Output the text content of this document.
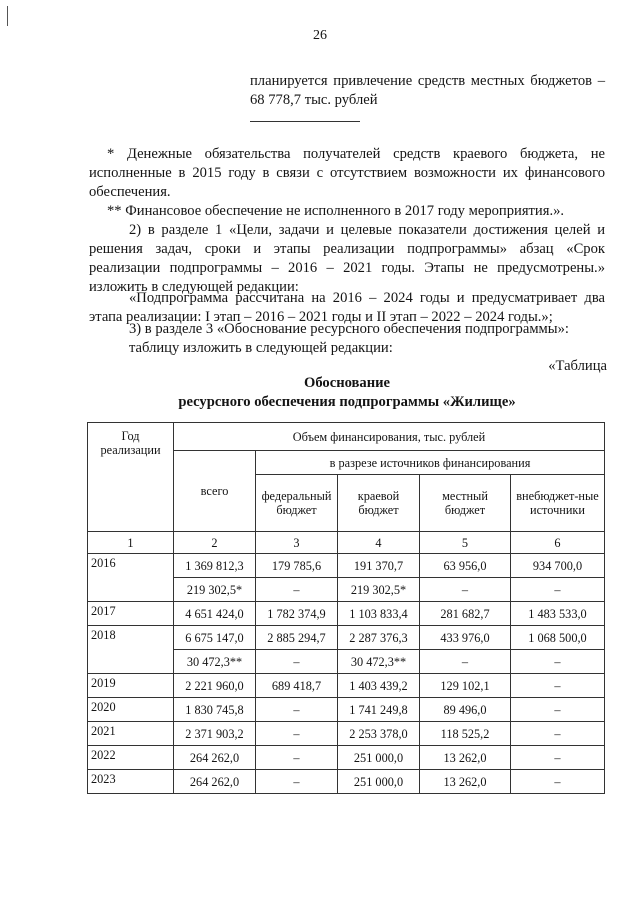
26
планируется привлечение средств местных бюджетов –
68 778,7 тыс. рублей
* Денежные обязательства получателей средств краевого бюджета, не
исполненные в 2015 году в связи с отсутствием возможности их финансового
обеспечения.
** Финансовое обеспечение не исполненного в 2017 году мероприятия.».
2) в разделе 1 «Цели, задачи и целевые показатели достижения целей и
решения задач, сроки и этапы реализации подпрограммы» абзац «Срок
реализации подпрограммы – 2016 – 2021 годы. Этапы не предусмотрены.»
изложить в следующей редакции:
«Подпрограмма рассчитана на 2016 – 2024 годы и предусматривает два
этапа реализации: I этап – 2016 – 2021 годы и II этап – 2022 – 2024 годы.»;
3) в разделе 3 «Обоснование ресурсного обеспечения подпрограммы»:
таблицу изложить в следующей редакции:
«Таблица
Обоснование
ресурсного обеспечения подпрограммы «Жилище»
Год реализации	Объем финансирования, тыс. рублей				
	всего	в разрезе источников финансирования			
		федеральный бюджет	краевой бюджет	местный бюджет	внебюджет-ные источники
1	2	3	4	5	6
2016	1 369 812,3	179 785,6	191 370,7	63 956,0	934 700,0
	219 302,5*	–	219 302,5*	–	–
2017	4 651 424,0	1 782 374,9	1 103 833,4	281 682,7	1 483 533,0
2018	6 675 147,0	2 885 294,7	2 287 376,3	433 976,0	1 068 500,0
	30 472,3**	–	30 472,3**	–	–
2019	2 221 960,0	689 418,7	1 403 439,2	129 102,1	–
2020	1 830 745,8	–	1 741 249,8	89 496,0	–
2021	2 371 903,2	–	2 253 378,0	118 525,2	–
2022	264 262,0	–	251 000,0	13 262,0	–
2023	264 262,0	–	251 000,0	13 262,0	–
